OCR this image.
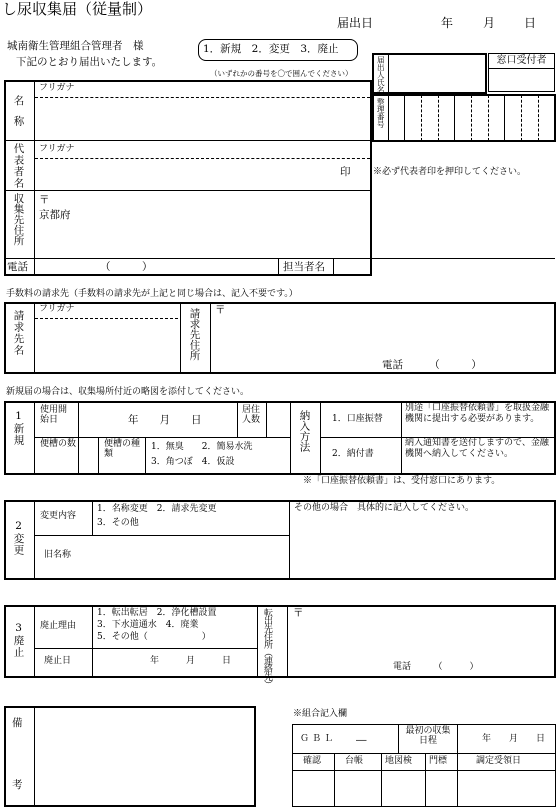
し尿収集届（従量制）
届出日	年 月 日
城南衛生管理組合管理者　様
下記のとおり届出いたします。
1．新規　2．変更　3．廃止
（いずれかの番号を〇で囲んでください）	届出人氏名	窓口受付者

名称
フリガナ
代表者名 フリガナ
印	※必ず代表者印を押印してください。
収集先住所 〒
京都府
電話	（　　　）	担当者名
整理番号
手数料の請求先（手数料の請求先が上記と同じ場合は、記入不要です。）
請求先名
フリガナ	請求先住所 〒
電話　　　（　　　）
新規届の場合は、収集場所付近の略図を添付してください。
1新規 使用開始日	年　　月　　日
居住人数
便槽の数	便槽の種類
1．無臭　　2．簡易水洗
3．角つぼ　4．仮設
納入方法 1．口座振替
2．納付書
別途「口座振替依頼書」を取扱金融機関に提出する必要があります。
納入通知書を送付しますので、金融機関へ納入してください。
※「口座振替依頼書」は、受付窓口にあります。
2変更
変更内容
1．名称変更　2．請求先変更
3．その他
旧名称
その他の場合　具体的に記入してください。
3廃止 廃止理由
1．転出転居　2．浄化槽設置
3．下水道通水　4．廃業
5．その他（　　　　　　）
廃止日	年　　　月　　　日	転出先住所（連絡先） 〒
電話　　　（　　　）
備
考
※組合記入欄
ＧＢＬ ―
最初の収集日程	年　　月　　日
確認	台帳 地図検 門標	調定受領日
